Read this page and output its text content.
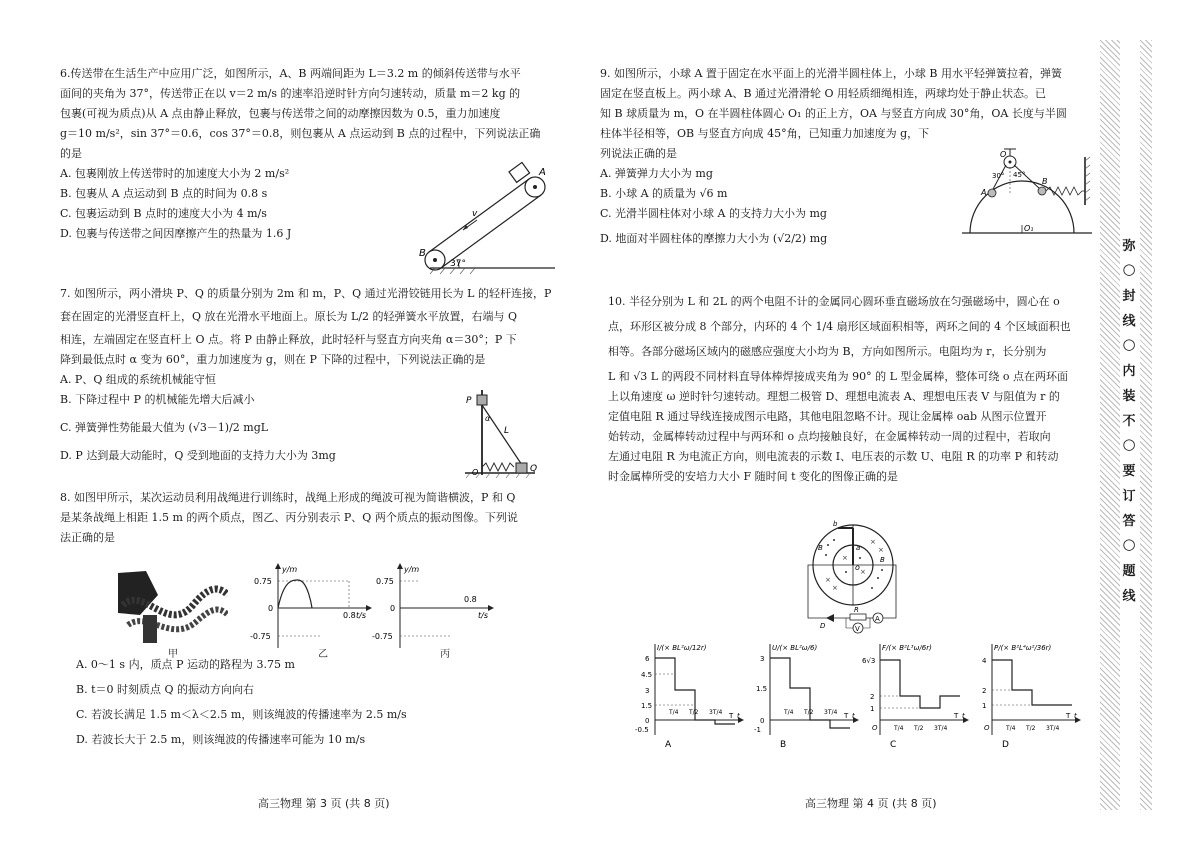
6.传送带在生活生产中应用广泛，如图所示，A、B 两端间距为 L＝3.2 m 的倾斜传送带与水平

面间的夹角为 37°，传送带正在以 v＝2 m/s 的速率沿逆时针方向匀速转动，质量 m＝2 kg 的

包裹(可视为质点)从 A 点由静止释放，包裹与传送带之间的动摩擦因数为 0.5，重力加速度

g＝10 m/s²，sin 37°＝0.6，cos 37°＝0.8，则包裹从 A 点运动到 B 点的过程中，下列说法正确

的是

A. 包裹刚放上传送带时的加速度大小为 2 m/s²

B. 包裹从 A 点运动到 B 点的时间为 0.8 s

C. 包裹运动到 B 点时的速度大小为 4 m/s

D. 包裹与传送带之间因摩擦产生的热量为 1.6 J

v
A
B
37°

7. 如图所示，两小滑块 P、Q 的质量分别为 2m 和 m，P、Q 通过光滑铰链用长为 L 的轻杆连接，P

套在固定的光滑竖直杆上，Q 放在光滑水平地面上。原长为 L/2 的轻弹簧水平放置，右端与 Q

相连，左端固定在竖直杆上 O 点。将 P 由静止释放，此时轻杆与竖直方向夹角 α＝30°；P 下

降到最低点时 α 变为 60°，重力加速度为 g，则在 P 下降的过程中，下列说法正确的是

A. P、Q 组成的系统机械能守恒

B. 下降过程中 P 的机械能先增大后减小

C. 弹簧弹性势能最大值为 (√3－1)/2 mgL

D. P 达到最大动能时，Q 受到地面的支持力大小为 3mg

P
Q
O
L
α

8. 如图甲所示，某次运动员利用战绳进行训练时，战绳上形成的绳波可视为简谐横波，P 和 Q

是某条战绳上相距 1.5 m 的两个质点，图乙、丙分别表示 P、Q 两个质点的振动图像。下列说

法正确的是

甲
y/m
0.75
0
-0.75
0.8 t/s
乙
y/m
0.75
0
-0.75
0.8
t/s
丙

A. 0～1 s 内，质点 P 运动的路程为 3.75 m

B. t＝0 时刻质点 Q 的振动方向向右

C. 若波长满足 1.5 m＜λ＜2.5 m，则该绳波的传播速率为 2.5 m/s

D. 若波长大于 2.5 m，则该绳波的传播速率可能为 10 m/s

高三物理 第 3 页 (共 8 页)

9. 如图所示，小球 A 置于固定在水平面上的光滑半圆柱体上，小球 B 用水平轻弹簧拉着，弹簧

固定在竖直板上。两小球 A、B 通过光滑滑轮 O 用轻质细绳相连，两球均处于静止状态。已

知 B 球质量为 m，O 在半圆柱体圆心 O₁ 的正上方，OA 与竖直方向成 30°角，OA 长度与半圆

柱体半径相等，OB 与竖直方向成 45°角，已知重力加速度为 g，下

列说法正确的是

A. 弹簧弹力大小为 mg

B. 小球 A 的质量为 √6 m

C. 光滑半圆柱体对小球 A 的支持力大小为 mg

D. 地面对半圆柱体的摩擦力大小为 (√2/2) mg

O
A
B
O₁
30° 45°

10. 半径分别为 L 和 2L 的两个电阻不计的金属同心圆环垂直磁场放在匀强磁场中，圆心在 o

点，环形区被分成 8 个部分，内环的 4 个 1/4 扇形区域面积相等，两环之间的 4 个区域面积也

相等。各部分磁场区域内的磁感应强度大小均为 B，方向如图所示。电阻均为 r，长分别为

L 和 √3 L 的两段不同材料直导体棒焊接成夹角为 90° 的 L 型金属棒，整体可绕 o 点在两环面

上以角速度 ω 逆时针匀速转动。理想二极管 D、理想电流表 A、理想电压表 V 与阻值为 r 的

定值电阻 R 通过导线连接成图示电路，其他电阻忽略不计。现让金属棒 oab 从图示位置开

始转动，金属棒转动过程中与两环和 o 点均接触良好，在金属棒转动一周的过程中，若取向

左通过电阻 R 为电流正方向，则电流表的示数 I、电压表的示数 U、电阻 R 的功率 P 和转动

时金属棒所受的安培力大小 F 随时间 t 变化的图像正确的是

×
×
×
×
×
×
o
b
a
B
B
D
R
A
V
I/(× BL²ω/12r)
6
4.5
3
1.5
0
-0.5
T/4 T/2 3T/4 T t
A
U/(× BL²ω/6)
3
1.5
0
-1
T/4 T/2 3T/4 T t
B
F/(× B²L³ω/6r)
6√3
2
1
O	T/4 T/2 3T/4
T t
C
P/(× B²L⁴ω²/36r)
4
2
1
O	T/4 T/2 3T/4
T t
D
高三物理 第 4 页 (共 8 页)
弥
○
封
线
○
内
装
不
○
要
订
答
○
题
线
